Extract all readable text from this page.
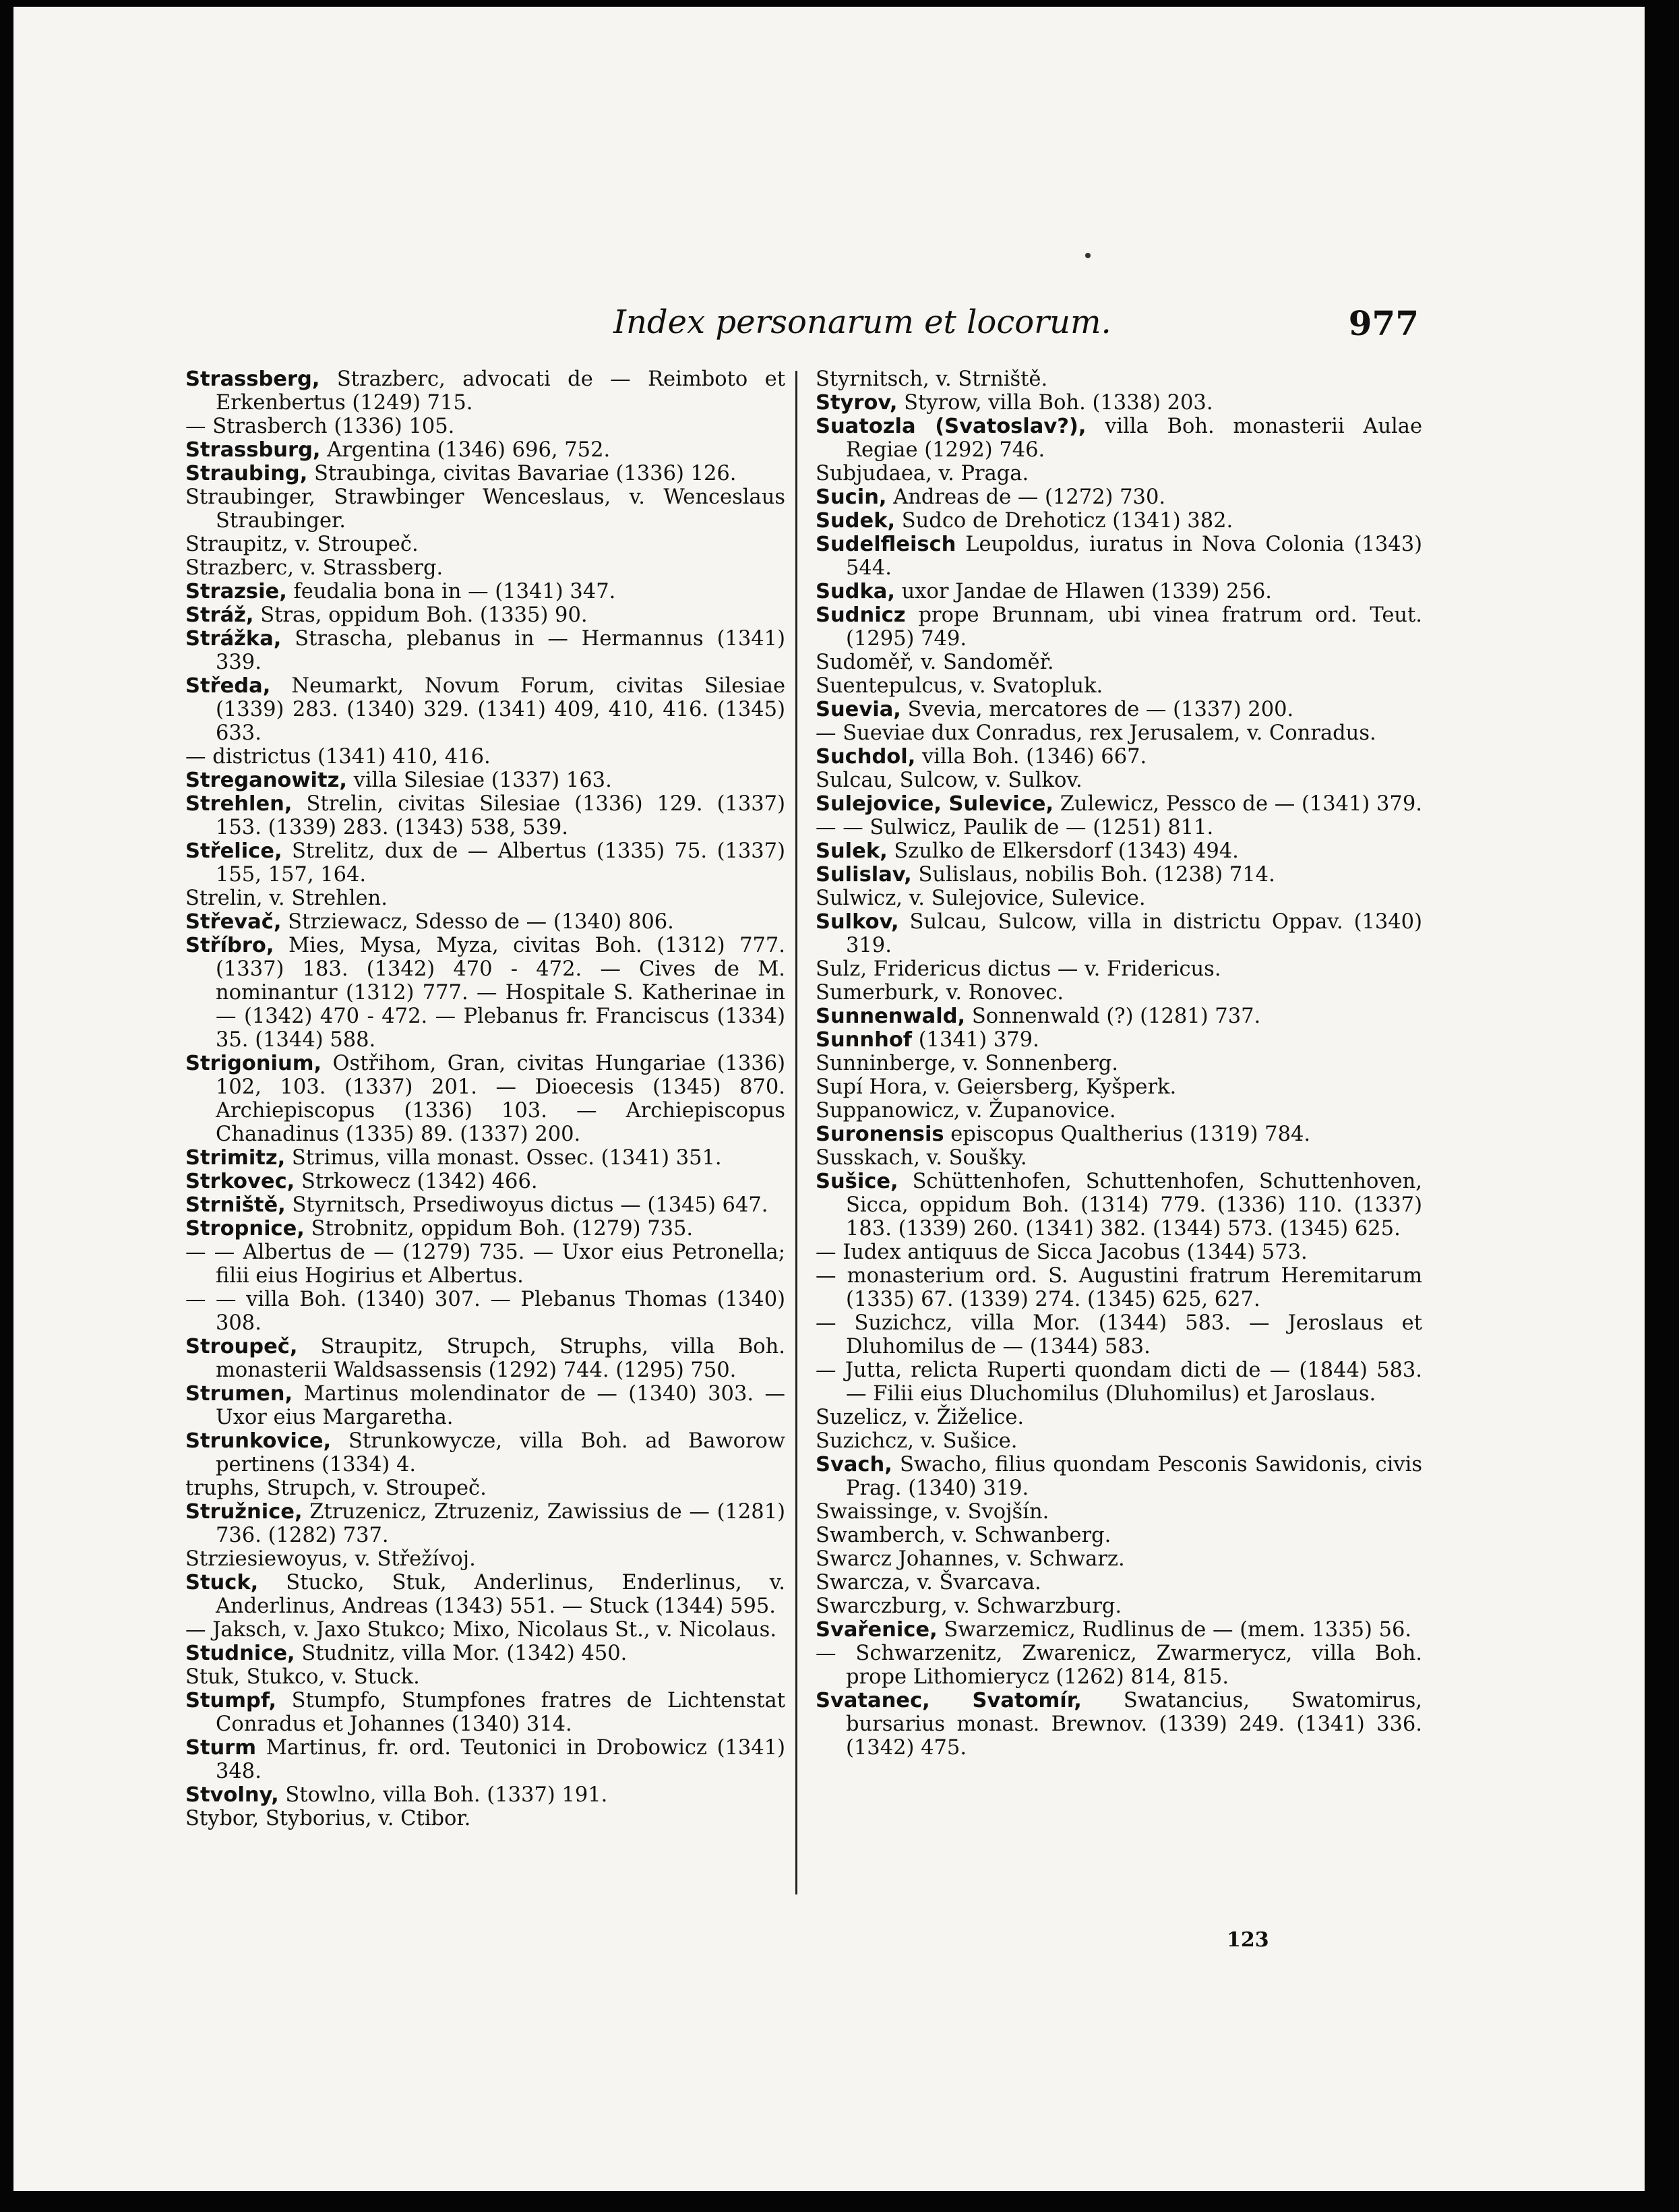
Index personarum et locorum.	977
Strassberg, Strazberc, advocati de — Reimboto et Erkenbertus (1249) 715.
— Strasberch (1336) 105.
Strassburg, Argentina (1346) 696, 752.
Straubing, Straubinga, civitas Bavariae (1336) 126.
Straubinger, Strawbinger Wenceslaus, v. Wenceslaus Straubinger.
Straupitz, v. Stroupeč.
Strazberc, v. Strassberg.
Strazsie, feudalia bona in — (1341) 347.
Stráž, Stras, oppidum Boh. (1335) 90.
Strážka, Strascha, plebanus in — Hermannus (1341) 339.
Středa, Neumarkt, Novum Forum, civitas Silesiae (1339) 283. (1340) 329. (1341) 409, 410, 416. (1345) 633.
— districtus (1341) 410, 416.
Streganowitz, villa Silesiae (1337) 163.
Strehlen, Strelin, civitas Silesiae (1336) 129. (1337) 153. (1339) 283. (1343) 538, 539.
Střelice, Strelitz, dux de — Albertus (1335) 75. (1337) 155, 157, 164.
Strelin, v. Strehlen.
Střevač, Strziewacz, Sdesso de — (1340) 806.
Stříbro, Mies, Mysa, Myza, civitas Boh. (1312) 777. (1337) 183. (1342) 470 - 472. — Cives de M. nominantur (1312) 777. — Hospitale S. Katherinae in — (1342) 470 - 472. — Plebanus fr. Franciscus (1334) 35. (1344) 588.
Strigonium, Ostřihom, Gran, civitas Hungariae (1336) 102, 103. (1337) 201. — Dioecesis (1345) 870. Archiepiscopus (1336) 103. — Archiepiscopus Chanadinus (1335) 89. (1337) 200.
Strimitz, Strimus, villa monast. Ossec. (1341) 351.
Strkovec, Strkowecz (1342) 466.
Strniště, Styrnitsch, Prsediwoyus dictus — (1345) 647.
Stropnice, Strobnitz, oppidum Boh. (1279) 735.
— — Albertus de — (1279) 735. — Uxor eius Petronella; filii eius Hogirius et Albertus.
— — villa Boh. (1340) 307. — Plebanus Thomas (1340) 308.
Stroupeč, Straupitz, Strupch, Struphs, villa Boh. monasterii Waldsassensis (1292) 744. (1295) 750.
Strumen, Martinus molendinator de — (1340) 303. — Uxor eius Margaretha.
Strunkovice, Strunkowycze, villa Boh. ad Baworow pertinens (1334) 4.
truphs, Strupch, v. Stroupeč.
Stružnice, Ztruzenicz, Ztruzeniz, Zawissius de — (1281) 736. (1282) 737.
Strziesiewoyus, v. Střežívoj.
Stuck, Stucko, Stuk, Anderlinus, Enderlinus, v. Anderlinus, Andreas (1343) 551. — Stuck (1344) 595.
— Jaksch, v. Jaxo Stukco; Mixo, Nicolaus St., v. Nicolaus.
Studnice, Studnitz, villa Mor. (1342) 450.
Stuk, Stukco, v. Stuck.
Stumpf, Stumpfo, Stumpfones fratres de Lichtenstat Conradus et Johannes (1340) 314.
Sturm Martinus, fr. ord. Teutonici in Drobowicz (1341) 348.
Stvolny, Stowlno, villa Boh. (1337) 191.
Stybor, Styborius, v. Ctibor.
Styrnitsch, v. Strniště.
Styrov, Styrow, villa Boh. (1338) 203.
Suatozla (Svatoslav?), villa Boh. monasterii Aulae Regiae (1292) 746.
Subjudaea, v. Praga.
Sucin, Andreas de — (1272) 730.
Sudek, Sudco de Drehoticz (1341) 382.
Sudelfleisch Leupoldus, iuratus in Nova Colonia (1343) 544.
Sudka, uxor Jandae de Hlawen (1339) 256.
Sudnicz prope Brunnam, ubi vinea fratrum ord. Teut. (1295) 749.
Sudoměř, v. Sandoměř.
Suentepulcus, v. Svatopluk.
Suevia, Svevia, mercatores de — (1337) 200.
— Sueviae dux Conradus, rex Jerusalem, v. Conradus.
Suchdol, villa Boh. (1346) 667.
Sulcau, Sulcow, v. Sulkov.
Sulejovice, Sulevice, Zulewicz, Pessco de — (1341) 379.
— — Sulwicz, Paulik de — (1251) 811.
Sulek, Szulko de Elkersdorf (1343) 494.
Sulislav, Sulislaus, nobilis Boh. (1238) 714.
Sulwicz, v. Sulejovice, Sulevice.
Sulkov, Sulcau, Sulcow, villa in districtu Oppav. (1340) 319.
Sulz, Fridericus dictus — v. Fridericus.
Sumerburk, v. Ronovec.
Sunnenwald, Sonnenwald (?) (1281) 737.
Sunnhof (1341) 379.
Sunninberge, v. Sonnenberg.
Supí Hora, v. Geiersberg, Kyšperk.
Suppanowicz, v. Županovice.
Suronensis episcopus Qualtherius (1319) 784.
Susskach, v. Soušky.
Sušice, Schüttenhofen, Schuttenhofen, Schuttenhoven, Sicca, oppidum Boh. (1314) 779. (1336) 110. (1337) 183. (1339) 260. (1341) 382. (1344) 573. (1345) 625.
— Iudex antiquus de Sicca Jacobus (1344) 573.
— monasterium ord. S. Augustini fratrum Heremitarum (1335) 67. (1339) 274. (1345) 625, 627.
— Suzichcz, villa Mor. (1344) 583. — Jeroslaus et Dluhomilus de — (1344) 583.
— Jutta, relicta Ruperti quondam dicti de — (1844) 583. — Filii eius Dluchomilus (Dluhomilus) et Jaroslaus.
Suzelicz, v. Žiželice.
Suzichcz, v. Sušice.
Svach, Swacho, filius quondam Pesconis Sawidonis, civis Prag. (1340) 319.
Swaissinge, v. Svojšín.
Swamberch, v. Schwanberg.
Swarcz Johannes, v. Schwarz.
Swarcza, v. Švarcava.
Swarczburg, v. Schwarzburg.
Svařenice, Swarzemicz, Rudlinus de — (mem. 1335) 56.
— Schwarzenitz, Zwarenicz, Zwarmerycz, villa Boh. prope Lithomierycz (1262) 814, 815.
Svatanec, Svatomír, Swatancius, Swatomirus, bursarius monast. Brewnov. (1339) 249. (1341) 336. (1342) 475.
123
